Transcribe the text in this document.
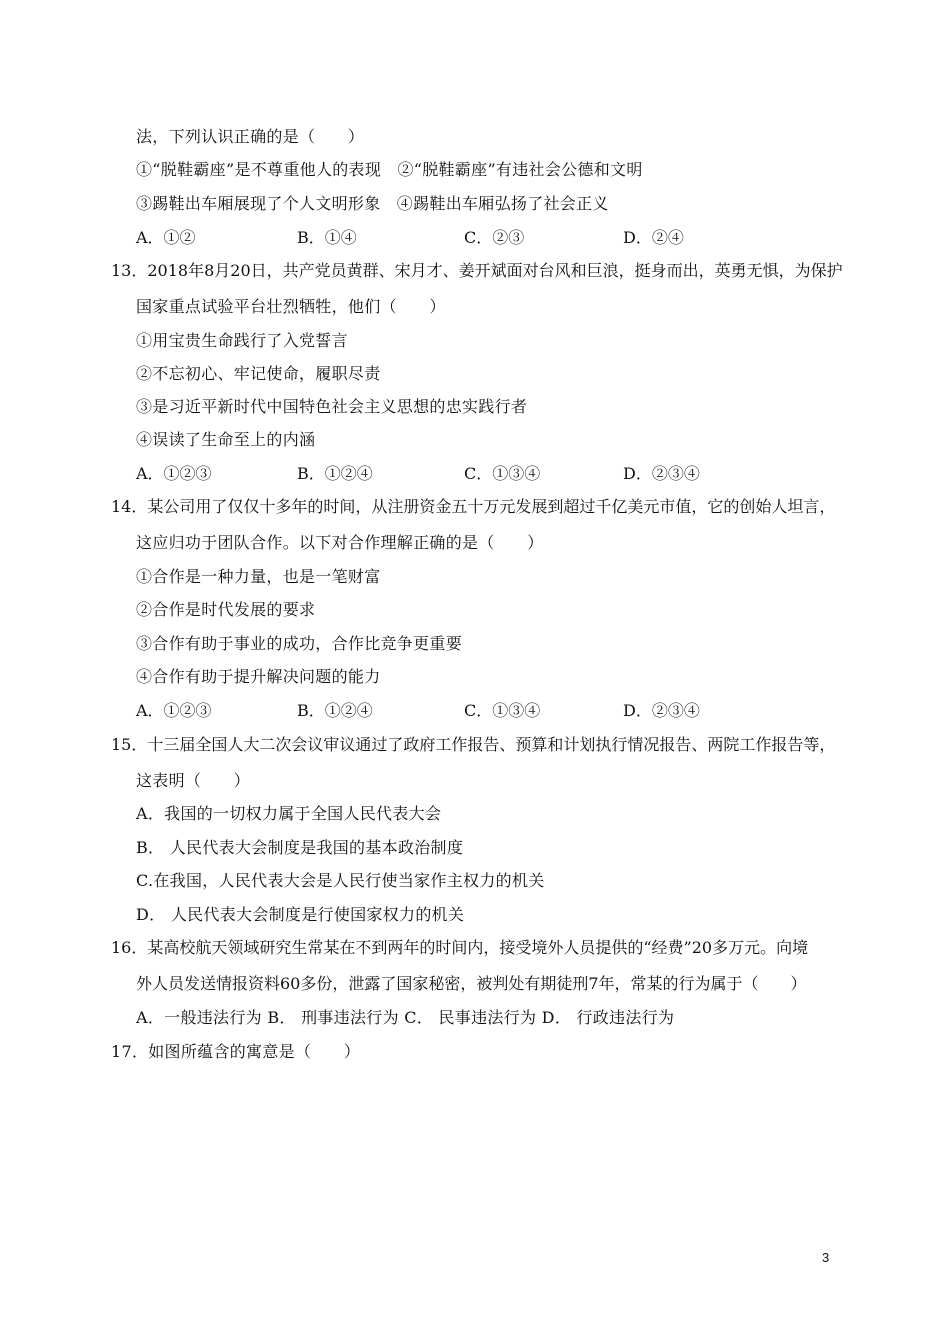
法，下列认识正确的是（　　）
①“脱鞋霸座”是不尊重他人的表现　②“脱鞋霸座”有违社会公德和文明
③踢鞋出车厢展现了个人文明形象　④踢鞋出车厢弘扬了社会正义
A．①②	B．①④	C．②③	D．②④
13．2018年8月20日，共产党员黄群、宋月才、姜开斌面对台风和巨浪，挺身而出，英勇无惧，为保护
国家重点试验平台壮烈牺牲，他们（　　）
①用宝贵生命践行了入党誓言
②不忘初心、牢记使命，履职尽责
③是习近平新时代中国特色社会主义思想的忠实践行者
④误读了生命至上的内涵
A．①②③	B．①②④	C．①③④	D．②③④
14．某公司用了仅仅十多年的时间，从注册资金五十万元发展到超过千亿美元市值，它的创始人坦言，
这应归功于团队合作。以下对合作理解正确的是（　　）
①合作是一种力量，也是一笔财富
②合作是时代发展的要求
③合作有助于事业的成功，合作比竞争更重要
④合作有助于提升解决问题的能力
A．①②③	B．①②④	C．①③④	D．②③④
15．十三届全国人大二次会议审议通过了政府工作报告、预算和计划执行情况报告、两院工作报告等，
这表明（　　）
A．我国的一切权力属于全国人民代表大会
B． 人民代表大会制度是我国的基本政治制度
C.在我国，人民代表大会是人民行使当家作主权力的机关
D． 人民代表大会制度是行使国家权力的机关
16．某高校航天领域研究生常某在不到两年的时间内，接受境外人员提供的“经费”20多万元。向境
外人员发送情报资料60多份，泄露了国家秘密，被判处有期徒刑7年，常某的行为属于（　　）
A．一般违法行为 B． 刑事违法行为 C． 民事违法行为 D． 行政违法行为
17．如图所蕴含的寓意是（　　）
3
